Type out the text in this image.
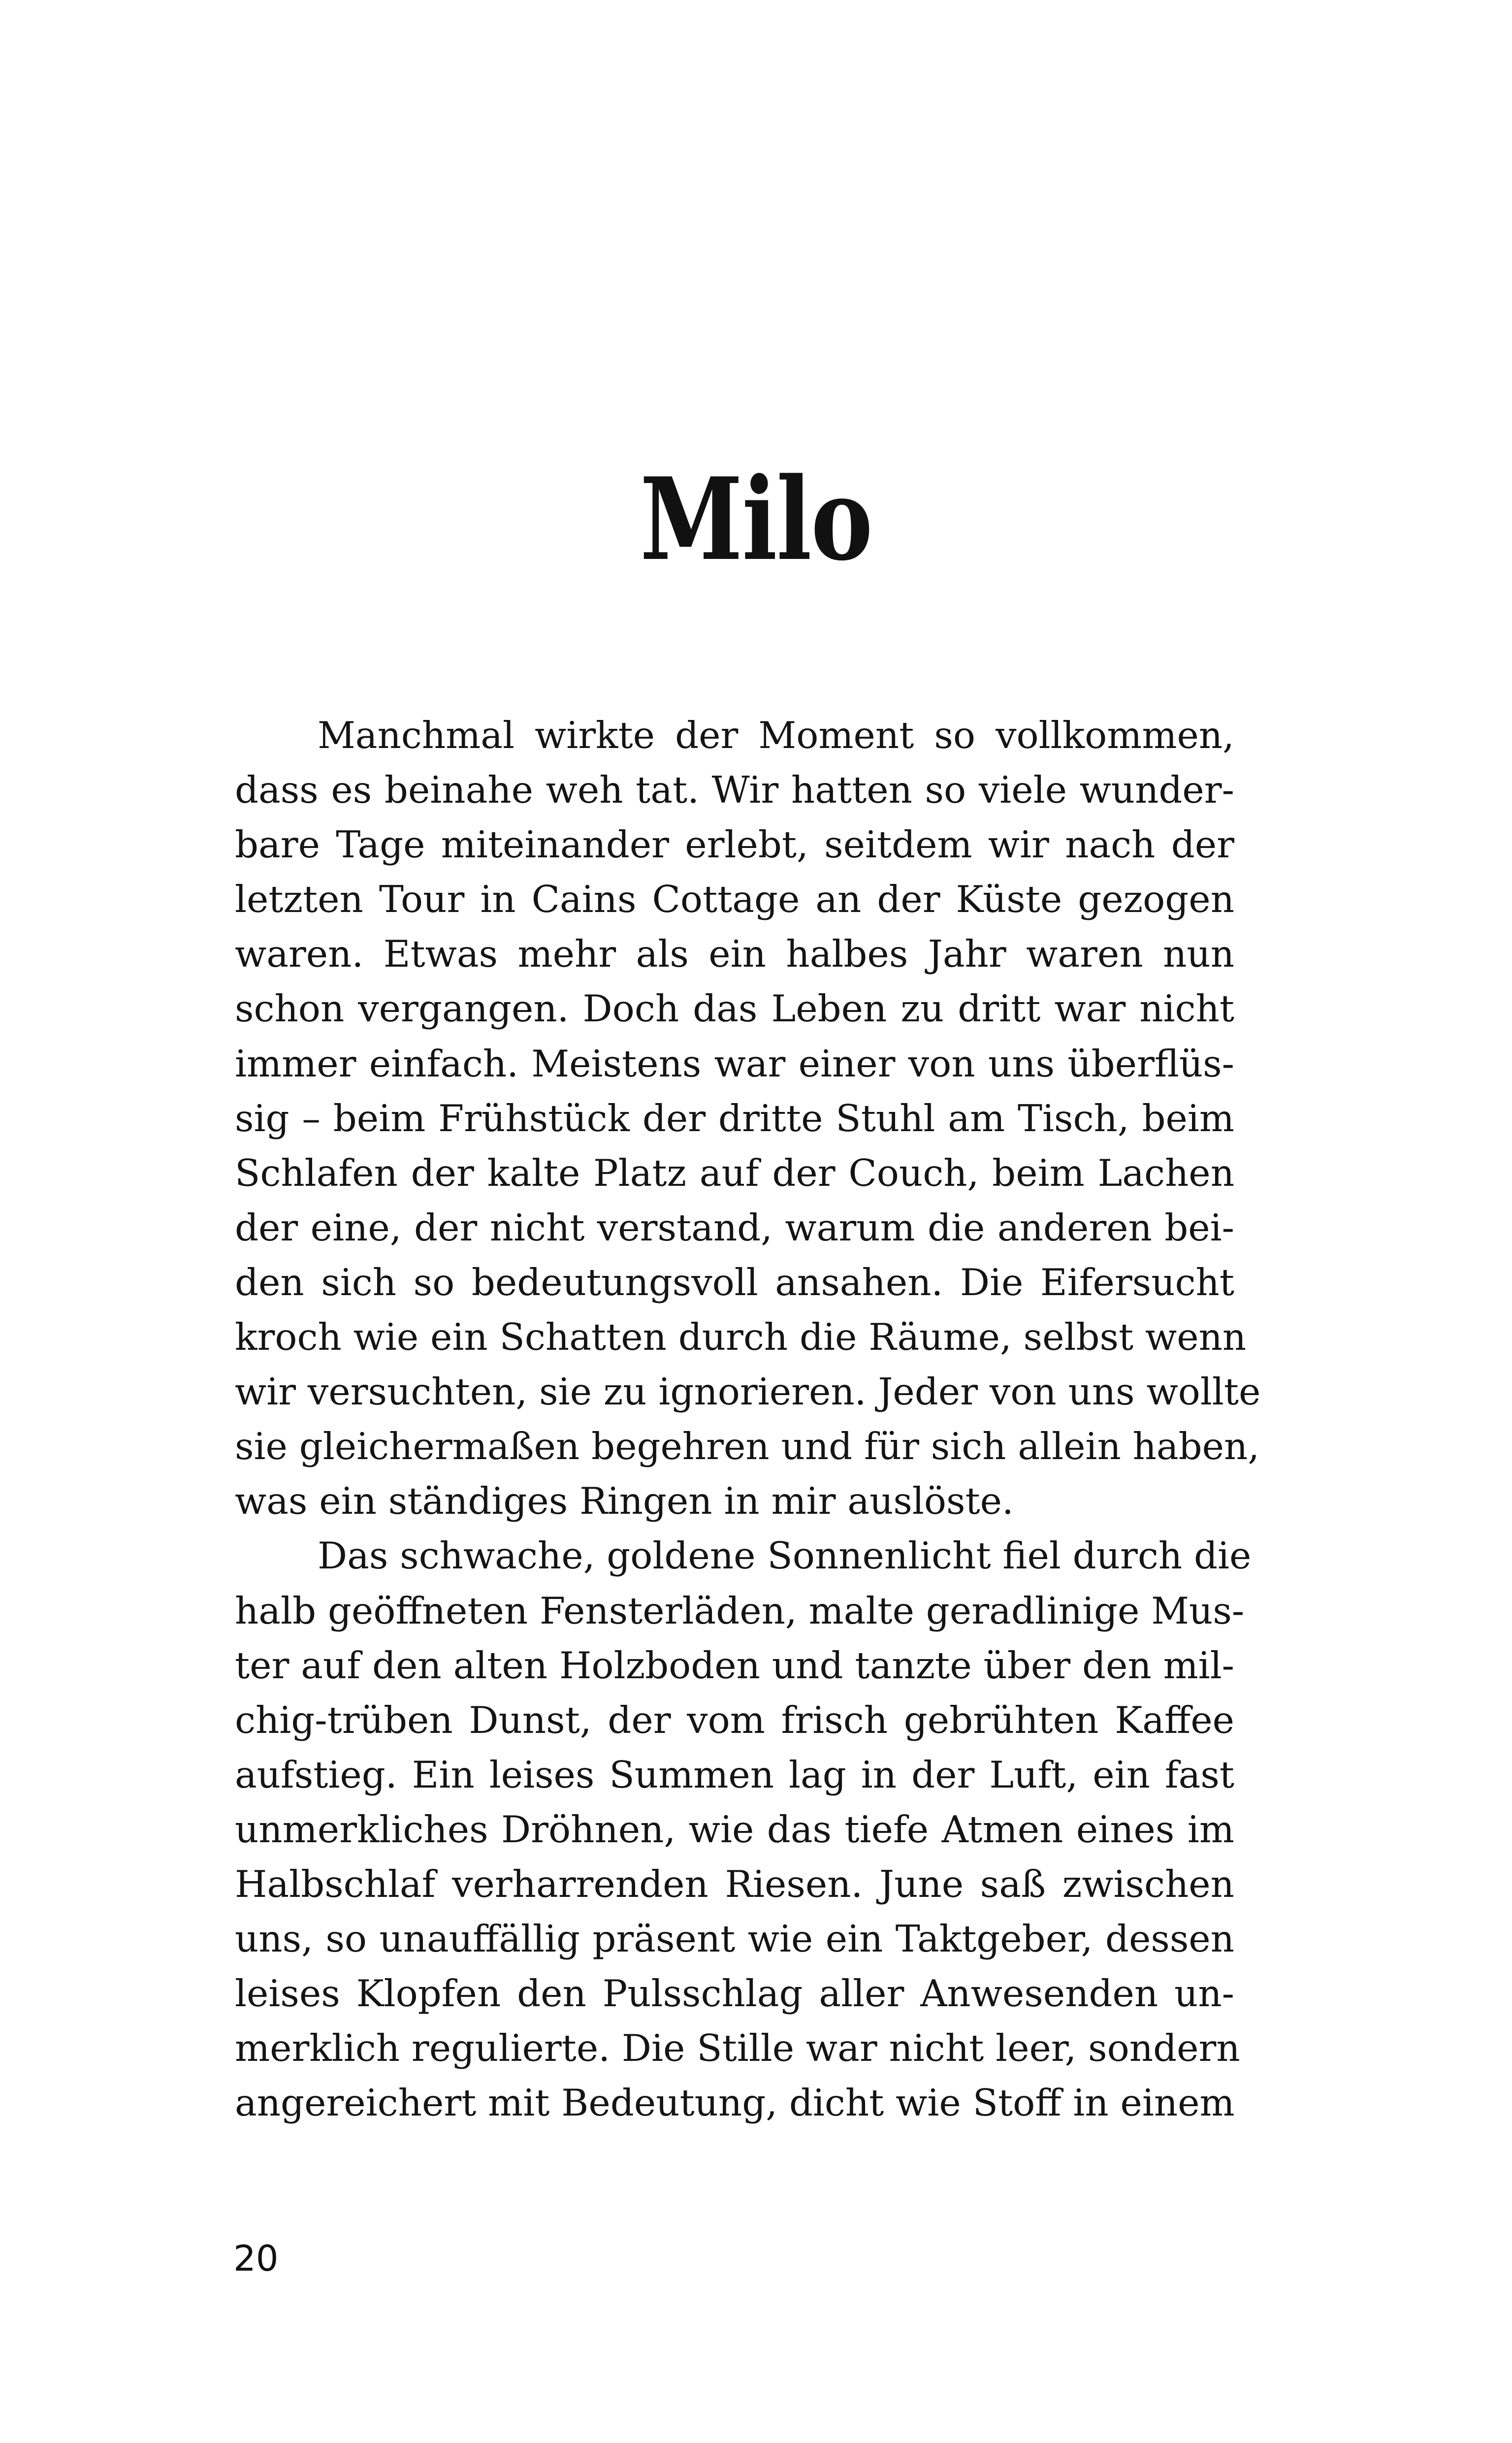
Milo
Manchmal wirkte der Moment so vollkommen,
dass es beinahe weh tat. Wir hatten so viele wunder-
bare Tage miteinander erlebt, seitdem wir nach der
letzten Tour in Cains Cottage an der Küste gezogen
waren. Etwas mehr als ein halbes Jahr waren nun
schon vergangen. Doch das Leben zu dritt war nicht
immer einfach. Meistens war einer von uns überflüs-
sig – beim Frühstück der dritte Stuhl am Tisch, beim
Schlafen der kalte Platz auf der Couch, beim Lachen
der eine, der nicht verstand, warum die anderen bei-
den sich so bedeutungsvoll ansahen. Die Eifersucht
kroch wie ein Schatten durch die Räume, selbst wenn
wir versuchten, sie zu ignorieren. Jeder von uns wollte
sie gleichermaßen begehren und für sich allein haben,
was ein ständiges Ringen in mir auslöste.
Das schwache, goldene Sonnenlicht fiel durch die
halb geöffneten Fensterläden, malte geradlinige Mus-
ter auf den alten Holzboden und tanzte über den mil-
chig-trüben Dunst, der vom frisch gebrühten Kaffee
aufstieg. Ein leises Summen lag in der Luft, ein fast
unmerkliches Dröhnen, wie das tiefe Atmen eines im
Halbschlaf verharrenden Riesen. June saß zwischen
uns, so unauffällig präsent wie ein Taktgeber, dessen
leises Klopfen den Pulsschlag aller Anwesenden un-
merklich regulierte. Die Stille war nicht leer, sondern
angereichert mit Bedeutung, dicht wie Stoff in einem
20
